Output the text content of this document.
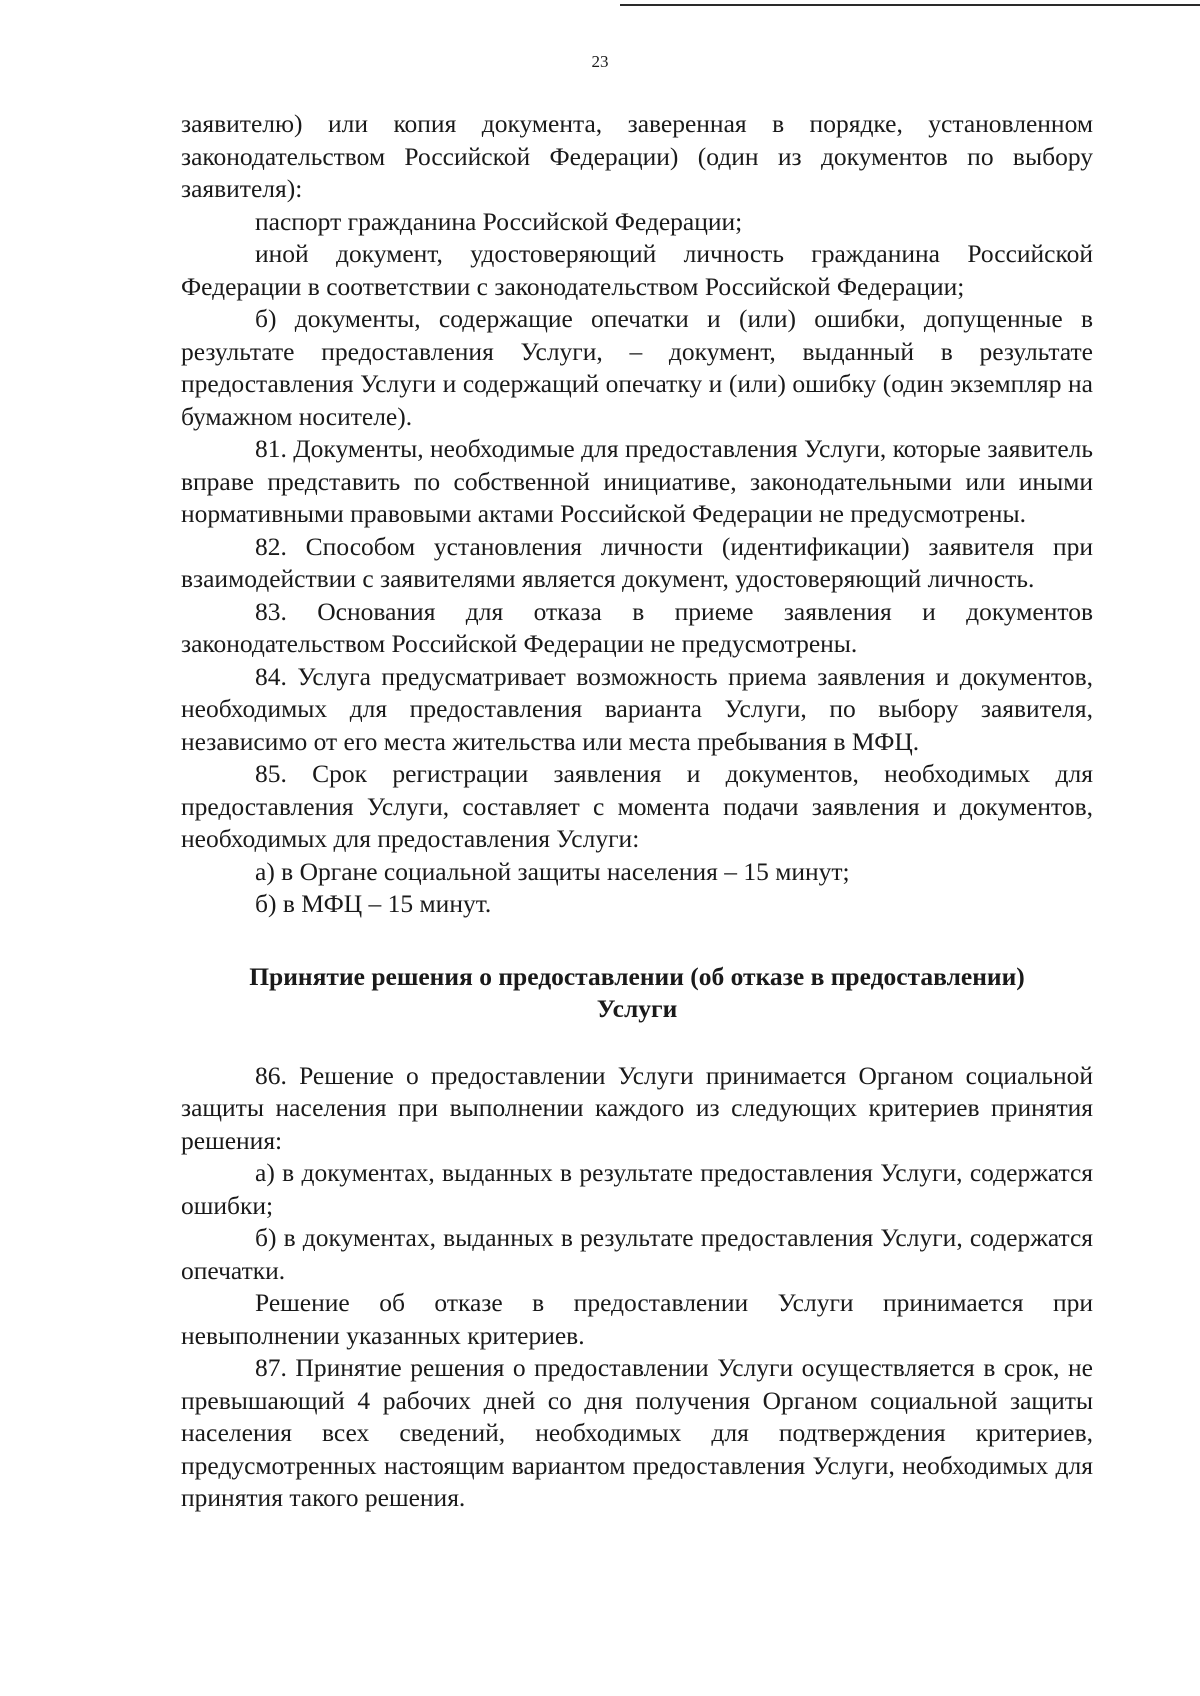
23

заявителю) или копия документа, заверенная в порядке, установленном законодательством Российской Федерации) (один из документов по выбору заявителя):

паспорт гражданина Российской Федерации;

иной документ, удостоверяющий личность гражданина Российской Федерации в соответствии с законодательством Российской Федерации;

б) документы, содержащие опечатки и (или) ошибки, допущенные в результате предоставления Услуги, – документ, выданный в результате предоставления Услуги и содержащий опечатку и (или) ошибку (один экземпляр на бумажном носителе).

81. Документы, необходимые для предоставления Услуги, которые заявитель вправе представить по собственной инициативе, законодательными или иными нормативными правовыми актами Российской Федерации не предусмотрены.

82. Способом установления личности (идентификации) заявителя при взаимодействии с заявителями является документ, удостоверяющий личность.

83. Основания для отказа в приеме заявления и документов законодательством Российской Федерации не предусмотрены.

84. Услуга предусматривает возможность приема заявления и документов, необходимых для предоставления варианта Услуги, по выбору заявителя, независимо от его места жительства или места пребывания в МФЦ.

85. Срок регистрации заявления и документов, необходимых для предоставления Услуги, составляет с момента подачи заявления и документов, необходимых для предоставления Услуги:

а) в Органе социальной защиты населения – 15 минут;

б) в МФЦ – 15 минут.

Принятие решения о предоставлении (об отказе в предоставлении)

Услуги

86. Решение о предоставлении Услуги принимается Органом социальной защиты населения при выполнении каждого из следующих критериев принятия решения:

а) в документах, выданных в результате предоставления Услуги, содержатся ошибки;

б) в документах, выданных в результате предоставления Услуги, содержатся опечатки.

Решение об отказе в предоставлении Услуги принимается при невыполнении указанных критериев.

87. Принятие решения о предоставлении Услуги осуществляется в срок, не превышающий 4 рабочих дней со дня получения Органом социальной защиты населения всех сведений, необходимых для подтверждения критериев, предусмотренных настоящим вариантом предоставления Услуги, необходимых для принятия такого решения.
